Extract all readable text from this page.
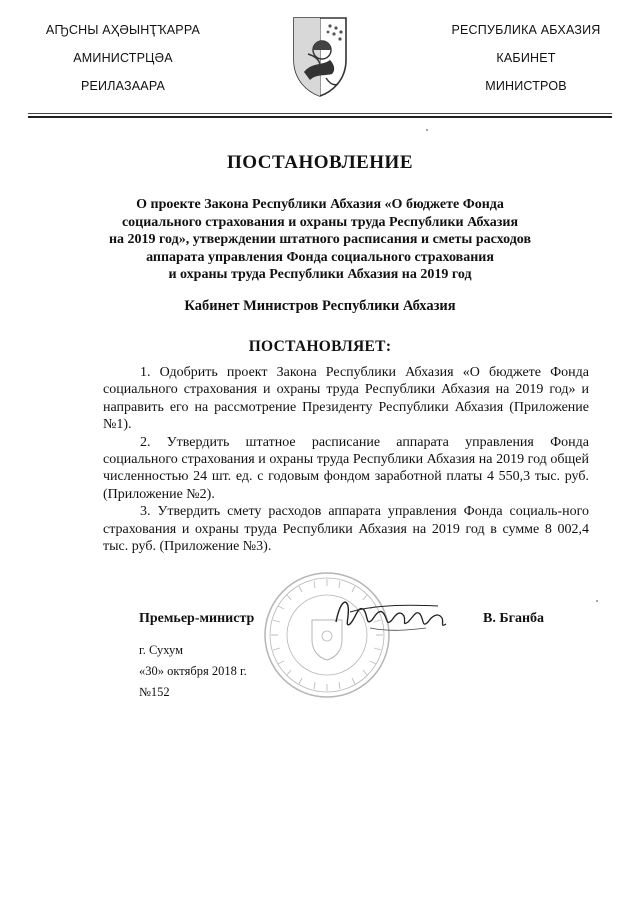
АҦСНЫ АҲӘЫНҬҠАРРА
АМИНИСТРЦӘА
РЕИЛАЗААРА
РЕСПУБЛИКА АБХАЗИЯ
КАБИНЕТ
МИНИСТРОВ
ПОСТАНОВЛЕНИЕ
О проекте Закона Республики Абхазия «О бюджете Фонда
социального страхования и охраны труда Республики Абхазия
на 2019 год», утверждении штатного расписания и сметы расходов
аппарата управления Фонда социального страхования
и охраны труда Республики Абхазия на 2019 год
Кабинет Министров Республики Абхазия
ПОСТАНОВЛЯЕТ:

1. Одобрить проект Закона Республики Абхазия «О бюджете Фонда социального страхования и охраны труда Республики Абхазия на 2019 год» и направить его на рассмотрение Президенту Республики Абхазия (Приложение №1).

2. Утвердить штатное расписание аппарата управления Фонда социального страхования и охраны труда Республики Абхазия на 2019 год общей численностью 24 шт. ед. с годовым фондом заработной платы 4 550,3 тыс. руб. (Приложение №2).

3. Утвердить смету расходов аппарата управления Фонда социаль-ного страхования и охраны труда Республики Абхазия на 2019 год в сумме 8 002,4 тыс. руб. (Приложение №3).

Премьер-министр	В. Бганба
г. Сухум
«30» октября 2018 г.
№152
